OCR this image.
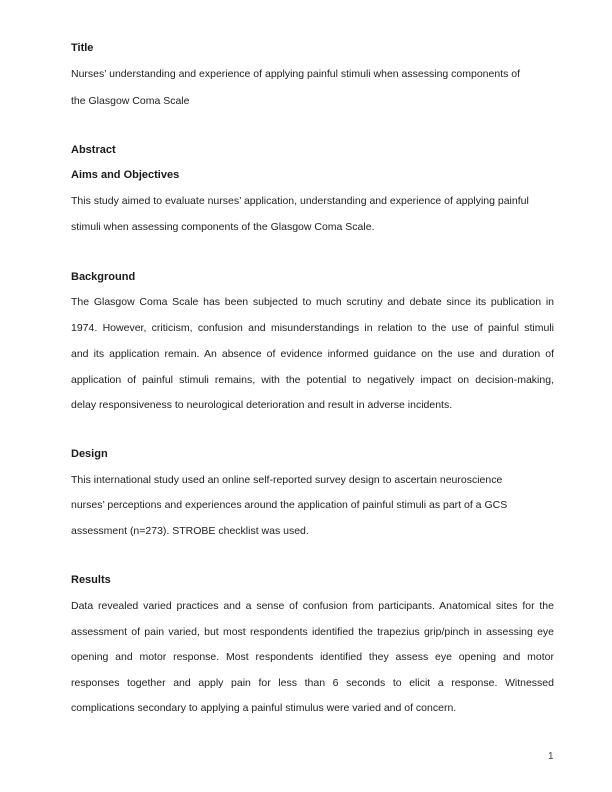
Title
Nurses’ understanding and experience of applying painful stimuli when assessing components of
the Glasgow Coma Scale
Abstract
Aims and Objectives
This study aimed to evaluate nurses’ application, understanding and experience of applying painful
stimuli when assessing components of the Glasgow Coma Scale.
Background
The Glasgow Coma Scale has been subjected to much scrutiny and debate since its publication in
1974. However, criticism, confusion and misunderstandings in relation to the use of painful stimuli
and its application remain. An absence of evidence informed guidance on the use and duration of
application of painful stimuli remains, with the potential to negatively impact on decision-making,
delay responsiveness to neurological deterioration and result in adverse incidents.
Design
This international study used an online self-reported survey design to ascertain neuroscience
nurses’ perceptions and experiences around the application of painful stimuli as part of a GCS
assessment (n=273). STROBE checklist was used.
Results
Data revealed varied practices and a sense of confusion from participants. Anatomical sites for the
assessment of pain varied, but most respondents identified the trapezius grip/pinch in assessing eye
opening and motor response. Most respondents identified they assess eye opening and motor
responses together and apply pain for less than 6 seconds to elicit a response. Witnessed
complications secondary to applying a painful stimulus were varied and of concern.
1
